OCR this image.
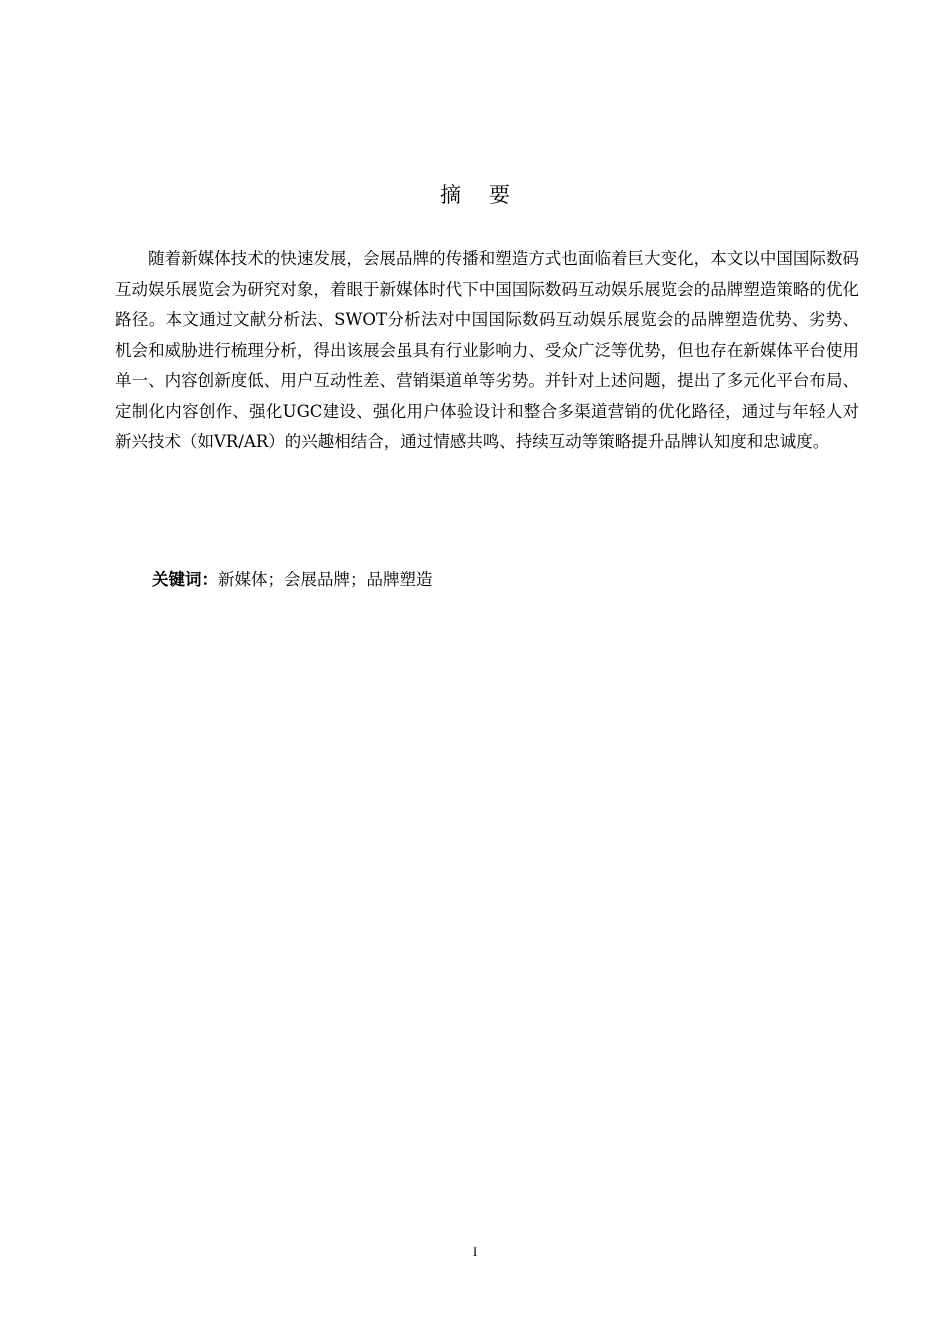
摘要

随着新媒体技术的快速发展，会展品牌的传播和塑造方式也面临着巨大变化，本文以中国国际数码互动娱乐展览会为研究对象，着眼于新媒体时代下中国国际数码互动娱乐展览会的品牌塑造策略的优化路径。本文通过文献分析法、SWOT分析法对中国国际数码互动娱乐展览会的品牌塑造优势、劣势、机会和威胁进行梳理分析，得出该展会虽具有行业影响力、受众广泛等优势，但也存在新媒体平台使用单一、内容创新度低、用户互动性差、营销渠道单等劣势。并针对上述问题，提出了多元化平台布局、定制化内容创作、强化UGC建设、强化用户体验设计和整合多渠道营销的优化路径，通过与年轻人对新兴技术（如VR/AR）的兴趣相结合，通过情感共鸣、持续互动等策略提升品牌认知度和忠诚度。

关键词：新媒体；会展品牌；品牌塑造
I
